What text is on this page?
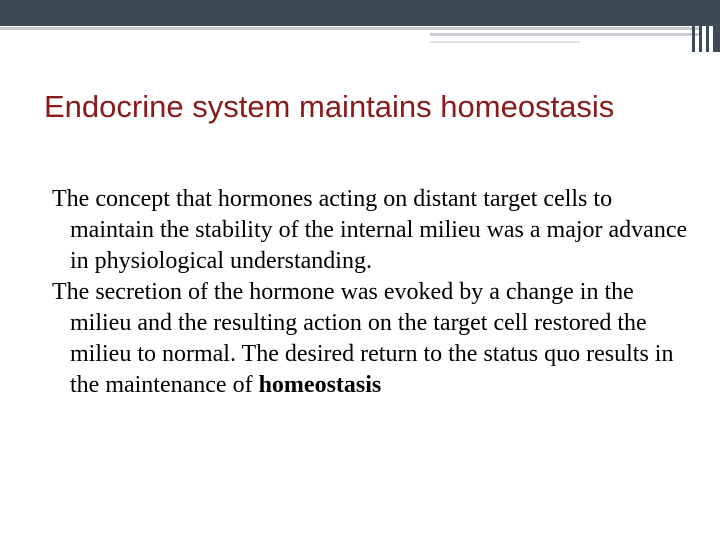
Endocrine system maintains homeostasis

The concept that hormones acting on distant target cells to maintain the stability of the internal milieu was a major advance in physiological understanding.

The secretion of the hormone was evoked by a change in the milieu and the resulting action on the target cell restored the milieu to normal. The desired return to the status quo results in the maintenance of homeostasis
